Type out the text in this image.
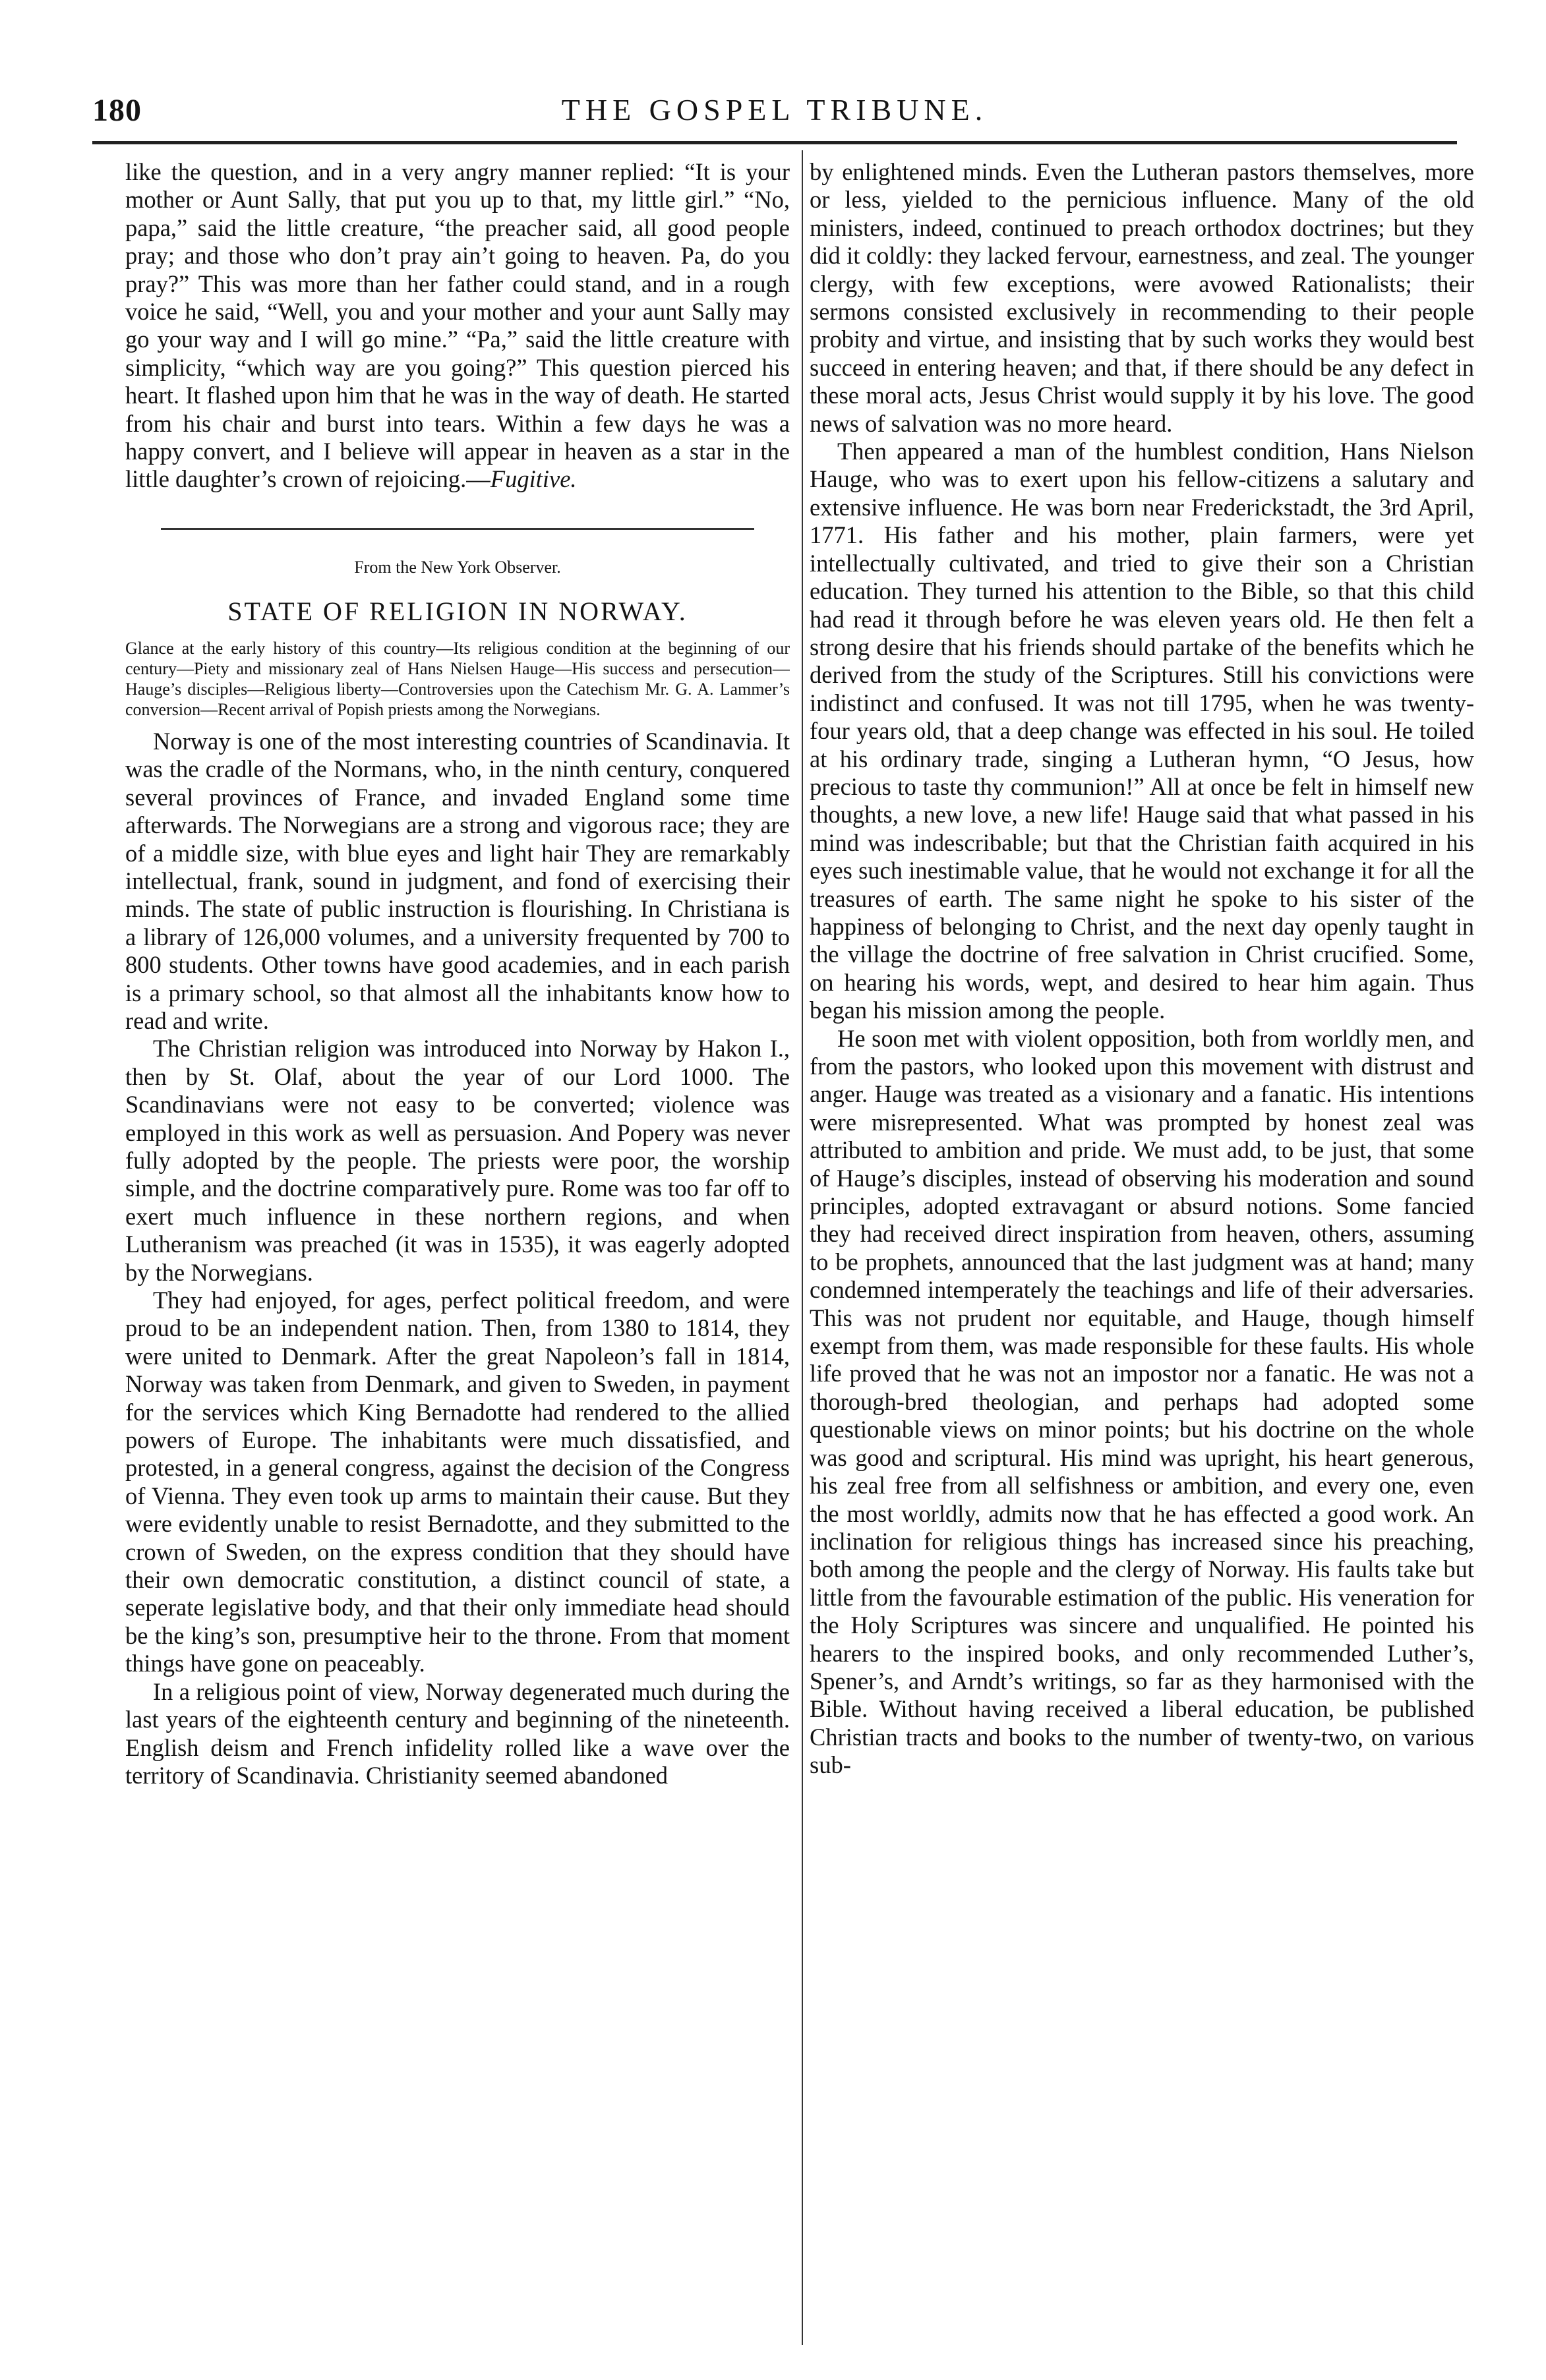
180	THE GOSPEL TRIBUNE.

like the question, and in a very angry manner replied: “It is your mother or Aunt Sally, that put you up to that, my little girl.” “No, papa,” said the little creature, “the preacher said, all good people pray; and those who don’t pray ain’t going to heaven. Pa, do you pray?” This was more than her father could stand, and in a rough voice he said, “Well, you and your mother and your aunt Sally may go your way and I will go mine.” “Pa,” said the little creature with simplicity, “which way are you going?” This question pierced his heart. It flashed upon him that he was in the way of death. He started from his chair and burst into tears. Within a few days he was a happy convert, and I believe will appear in heaven as a star in the little daughter’s crown of rejoicing.—Fugitive.

From the New York Observer.
STATE OF RELIGION IN NORWAY.
Glance at the early history of this country—Its religious condition at the beginning of our century—Piety and missionary zeal of Hans Nielsen Hauge—His success and persecution—Hauge’s disciples—Religious liberty—Controversies upon the Catechism Mr. G. A. Lammer’s conversion—Recent arrival of Popish priests among the Norwegians.

Norway is one of the most interesting countries of Scandinavia. It was the cradle of the Normans, who, in the ninth century, conquered several provinces of France, and invaded England some time afterwards. The Norwegians are a strong and vigorous race; they are of a middle size, with blue eyes and light hair They are remarkably intellectual, frank, sound in judgment, and fond of exercising their minds. The state of public instruction is flourishing. In Christiana is a library of 126,000 volumes, and a university frequented by 700 to 800 students. Other towns have good academies, and in each parish is a primary school, so that almost all the inhabitants know how to read and write.

The Christian religion was introduced into Norway by Hakon I., then by St. Olaf, about the year of our Lord 1000. The Scandinavians were not easy to be converted; violence was employed in this work as well as persuasion. And Popery was never fully adopted by the people. The priests were poor, the worship simple, and the doctrine comparatively pure. Rome was too far off to exert much influence in these northern regions, and when Lutheranism was preached (it was in 1535), it was eagerly adopted by the Norwegians.

They had enjoyed, for ages, perfect political freedom, and were proud to be an independent nation. Then, from 1380 to 1814, they were united to Denmark. After the great Napoleon’s fall in 1814, Norway was taken from Denmark, and given to Sweden, in payment for the services which King Bernadotte had rendered to the allied powers of Europe. The inhabitants were much dissatisfied, and protested, in a general congress, against the decision of the Congress of Vienna. They even took up arms to maintain their cause. But they were evidently unable to resist Bernadotte, and they submitted to the crown of Sweden, on the express condition that they should have their own democratic constitution, a distinct council of state, a seperate legislative body, and that their only immediate head should be the king’s son, presumptive heir to the throne. From that moment things have gone on peaceably.

In a religious point of view, Norway degenerated much during the last years of the eighteenth century and beginning of the nineteenth. English deism and French infidelity rolled like a wave over the territory of Scandinavia. Christianity seemed abandoned

by enlightened minds. Even the Lutheran pastors themselves, more or less, yielded to the pernicious influence. Many of the old ministers, indeed, continued to preach orthodox doctrines; but they did it coldly: they lacked fervour, earnestness, and zeal. The younger clergy, with few exceptions, were avowed Rationalists; their sermons consisted exclusively in recommending to their people probity and virtue, and insisting that by such works they would best succeed in entering heaven; and that, if there should be any defect in these moral acts, Jesus Christ would supply it by his love. The good news of salvation was no more heard.

Then appeared a man of the humblest condition, Hans Nielson Hauge, who was to exert upon his fellow-citizens a salutary and extensive influence. He was born near Frederickstadt, the 3rd April, 1771. His father and his mother, plain farmers, were yet intellectually cultivated, and tried to give their son a Christian education. They turned his attention to the Bible, so that this child had read it through before he was eleven years old. He then felt a strong desire that his friends should partake of the benefits which he derived from the study of the Scriptures. Still his convictions were indistinct and confused. It was not till 1795, when he was twenty-four years old, that a deep change was effected in his soul. He toiled at his ordinary trade, singing a Lutheran hymn, “O Jesus, how precious to taste thy communion!” All at once be felt in himself new thoughts, a new love, a new life! Hauge said that what passed in his mind was indescribable; but that the Christian faith acquired in his eyes such inestimable value, that he would not exchange it for all the treasures of earth. The same night he spoke to his sister of the happiness of belonging to Christ, and the next day openly taught in the village the doctrine of free salvation in Christ crucified. Some, on hearing his words, wept, and desired to hear him again. Thus began his mission among the people.

He soon met with violent opposition, both from worldly men, and from the pastors, who looked upon this movement with distrust and anger. Hauge was treated as a visionary and a fanatic. His intentions were misrepresented. What was prompted by honest zeal was attributed to ambition and pride. We must add, to be just, that some of Hauge’s disciples, instead of observing his moderation and sound principles, adopted extravagant or absurd notions. Some fancied they had received direct inspiration from heaven, others, assuming to be prophets, announced that the last judgment was at hand; many condemned intemperately the teachings and life of their adversaries. This was not prudent nor equitable, and Hauge, though himself exempt from them, was made responsible for these faults. His whole life proved that he was not an impostor nor a fanatic. He was not a thorough-bred theologian, and perhaps had adopted some questionable views on minor points; but his doctrine on the whole was good and scriptural. His mind was upright, his heart generous, his zeal free from all selfishness or ambition, and every one, even the most worldly, admits now that he has effected a good work. An inclination for religious things has increased since his preaching, both among the people and the clergy of Norway. His faults take but little from the favourable estimation of the public. His veneration for the Holy Scriptures was sincere and unqualified. He pointed his hearers to the inspired books, and only recommended Luther’s, Spener’s, and Arndt’s writings, so far as they harmonised with the Bible. Without having received a liberal education, be published Christian tracts and books to the number of twenty-two, on various sub-
